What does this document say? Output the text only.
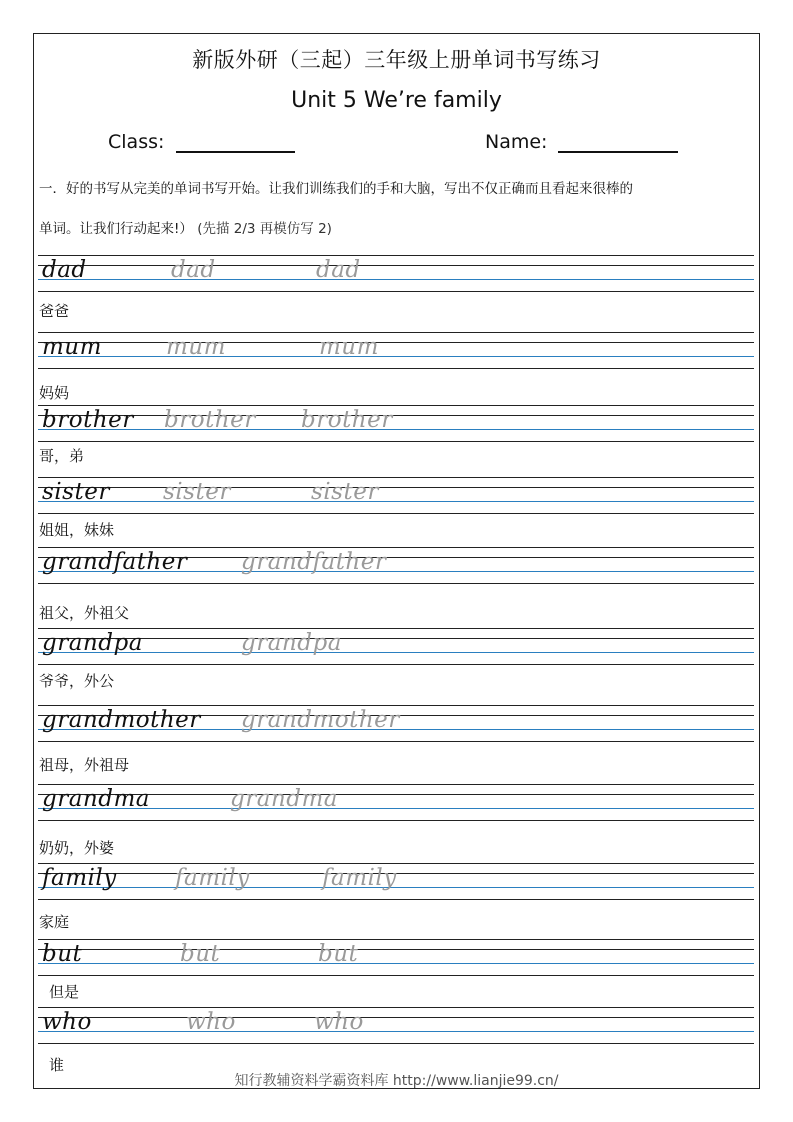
新版外研（三起）三年级上册单词书写练习
Unit 5 We’re family
Class:	Name:
一．好的书写从完美的单词书写开始。让我们训练我们的手和大脑，写出不仅正确而且看起来很棒的
单词。让我们行动起来!） (先描 2/3 再模仿写 2)
dad	dad	dad
爸爸
mum	mum	mum
妈妈
brother brother brother
哥，弟
sister sister	sister
姐姐，妹妹
grandfather grandfather
祖父，外祖父
grandpa	grandpa
爷爷，外公
grandmother grandmother
祖母，外祖母
grandma	grandma
奶奶，外婆
family	family	family
家庭
but	but	but
但是
who	who	who
谁
知行教辅资料学霸资料库 http://www.lianjie99.cn/
